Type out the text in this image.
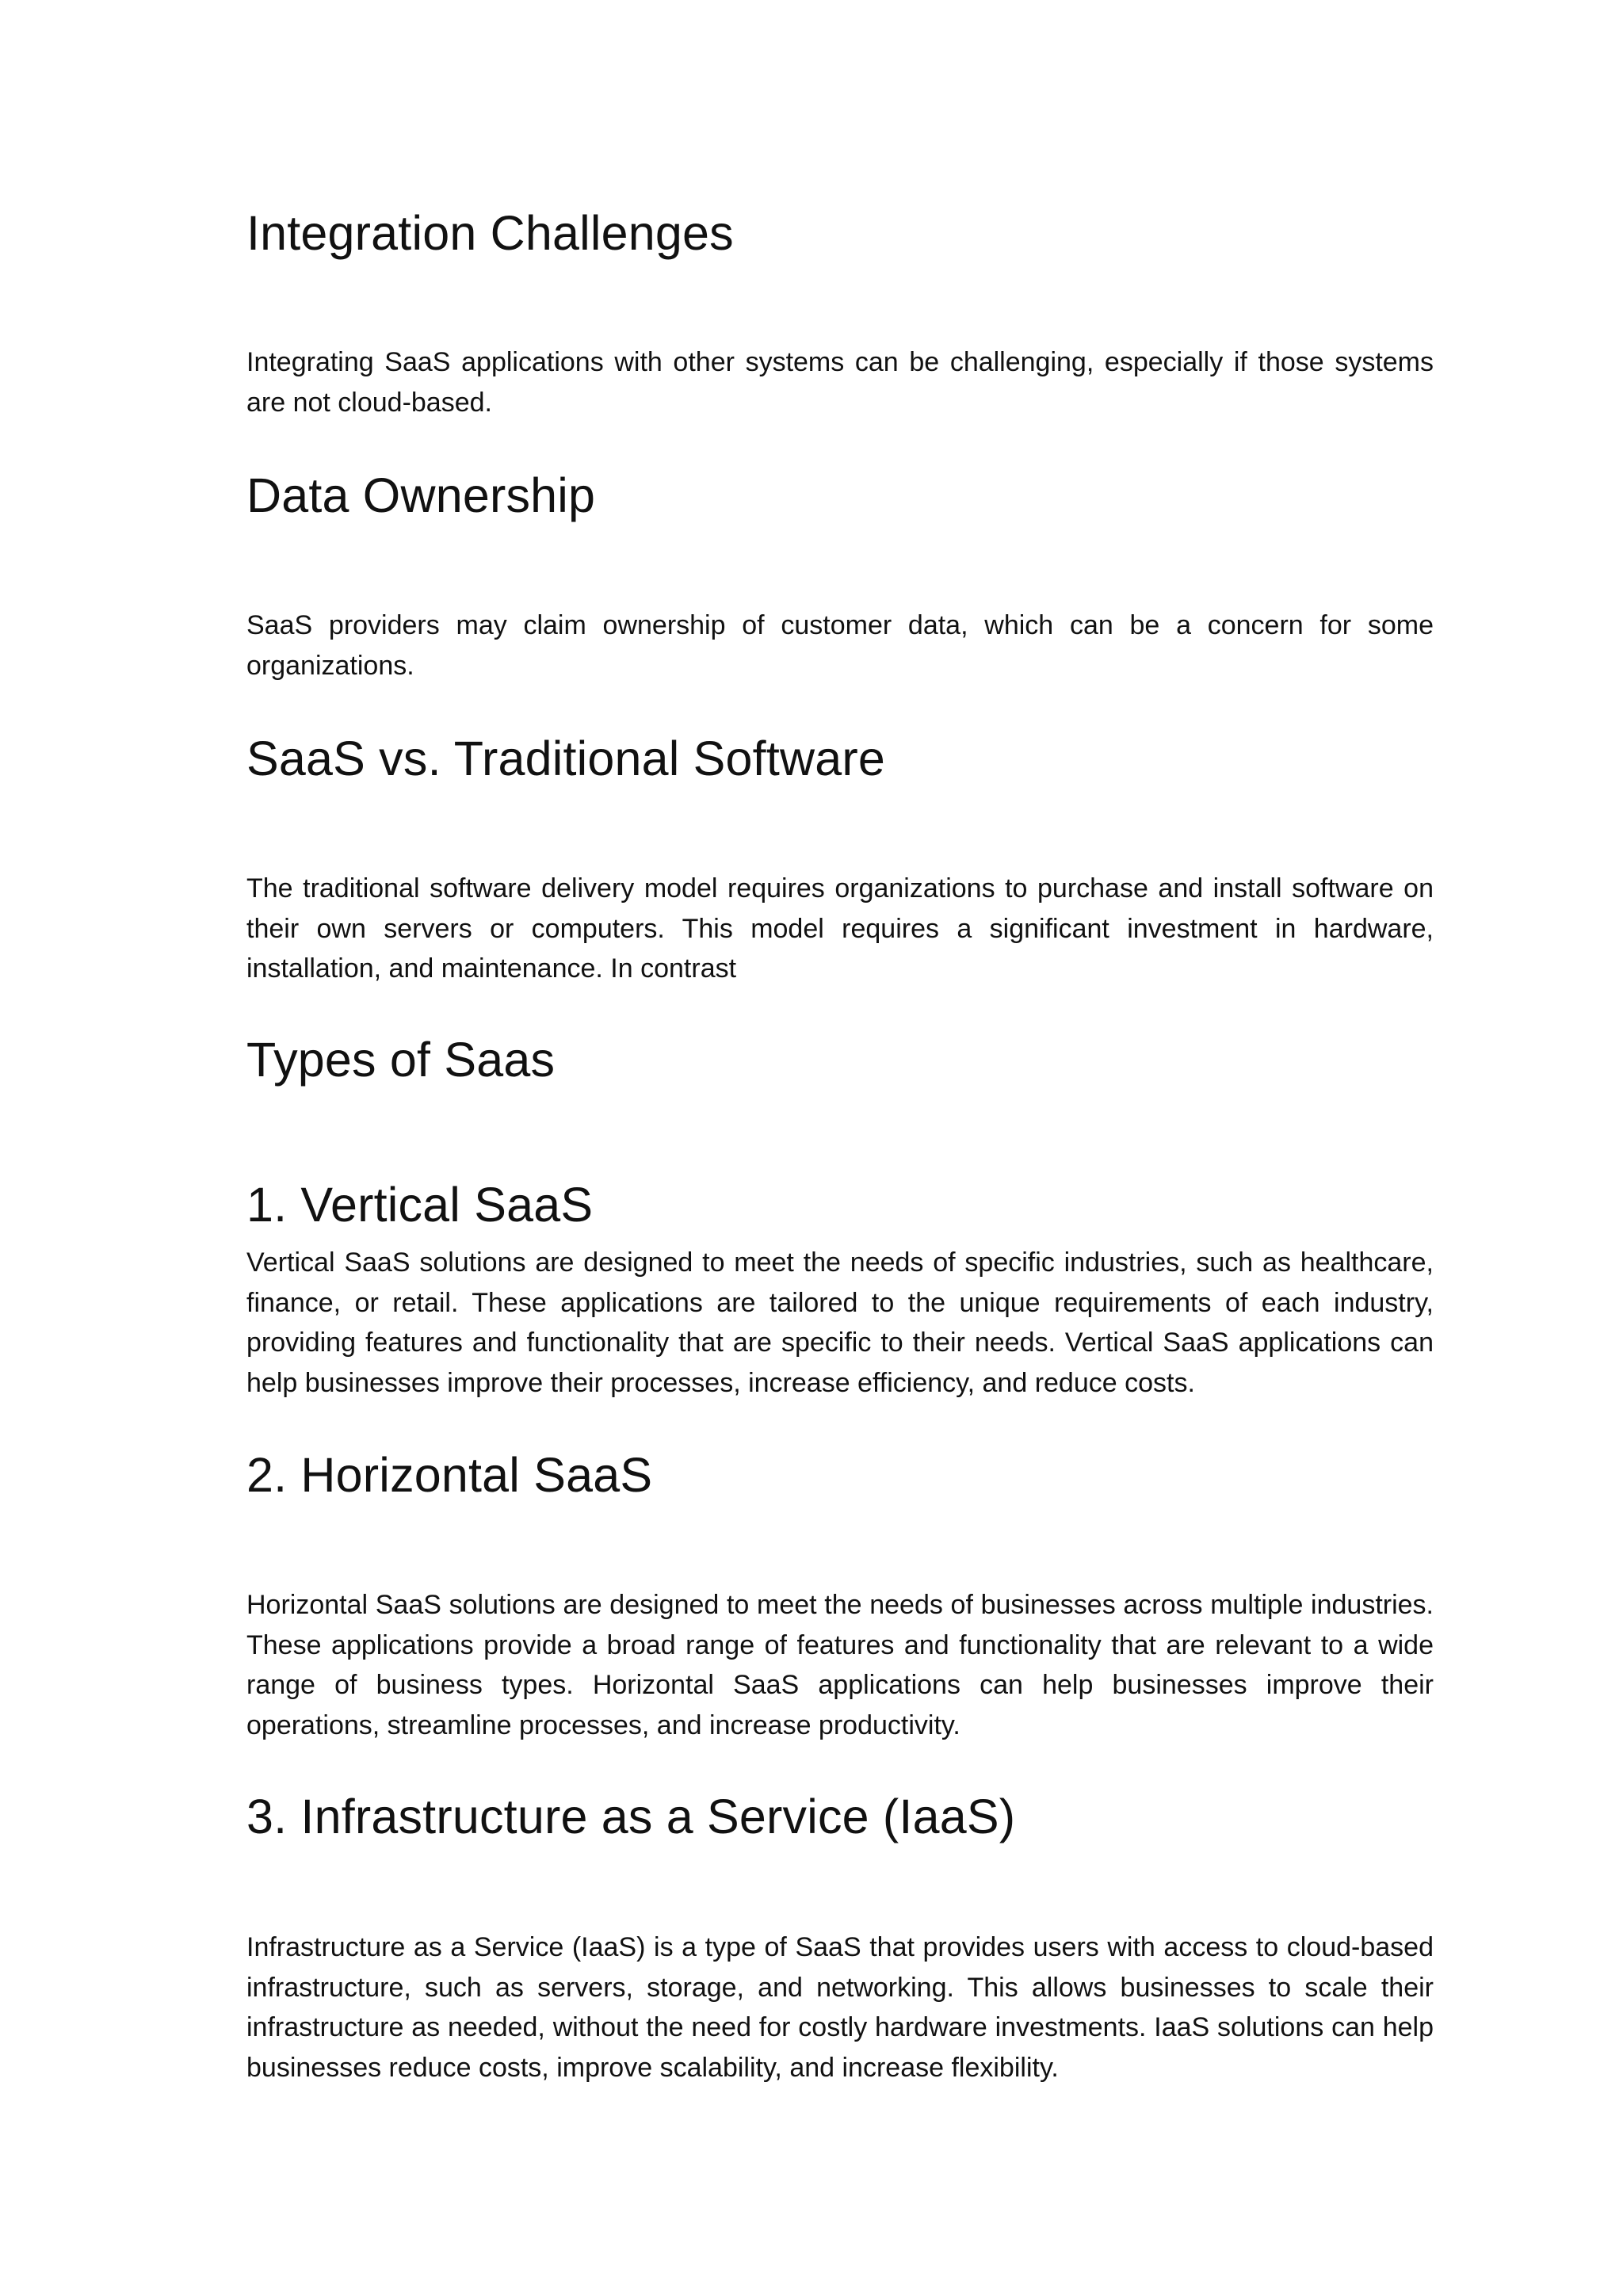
Integration Challenges

Integrating SaaS applications with other systems can be challenging, especially if those systems are not cloud-based.

Data Ownership

SaaS providers may claim ownership of customer data, which can be a concern for some organizations.

SaaS vs. Traditional Software

The traditional software delivery model requires organizations to purchase and install software on their own servers or computers. This model requires a significant investment in hardware, installation, and maintenance. In contrast

Types of Saas
1. Vertical SaaS

Vertical SaaS solutions are designed to meet the needs of specific industries, such as healthcare, finance, or retail. These applications are tailored to the unique requirements of each industry, providing features and functionality that are specific to their needs. Vertical SaaS applications can help businesses improve their processes, increase efficiency, and reduce costs.

2. Horizontal SaaS

Horizontal SaaS solutions are designed to meet the needs of businesses across multiple industries. These applications provide a broad range of features and functionality that are relevant to a wide range of business types. Horizontal SaaS applications can help businesses improve their operations, streamline processes, and increase productivity.

3. Infrastructure as a Service (IaaS)

Infrastructure as a Service (IaaS) is a type of SaaS that provides users with access to cloud-based infrastructure, such as servers, storage, and networking. This allows businesses to scale their infrastructure as needed, without the need for costly hardware investments. IaaS solutions can help businesses reduce costs, improve scalability, and increase flexibility.
